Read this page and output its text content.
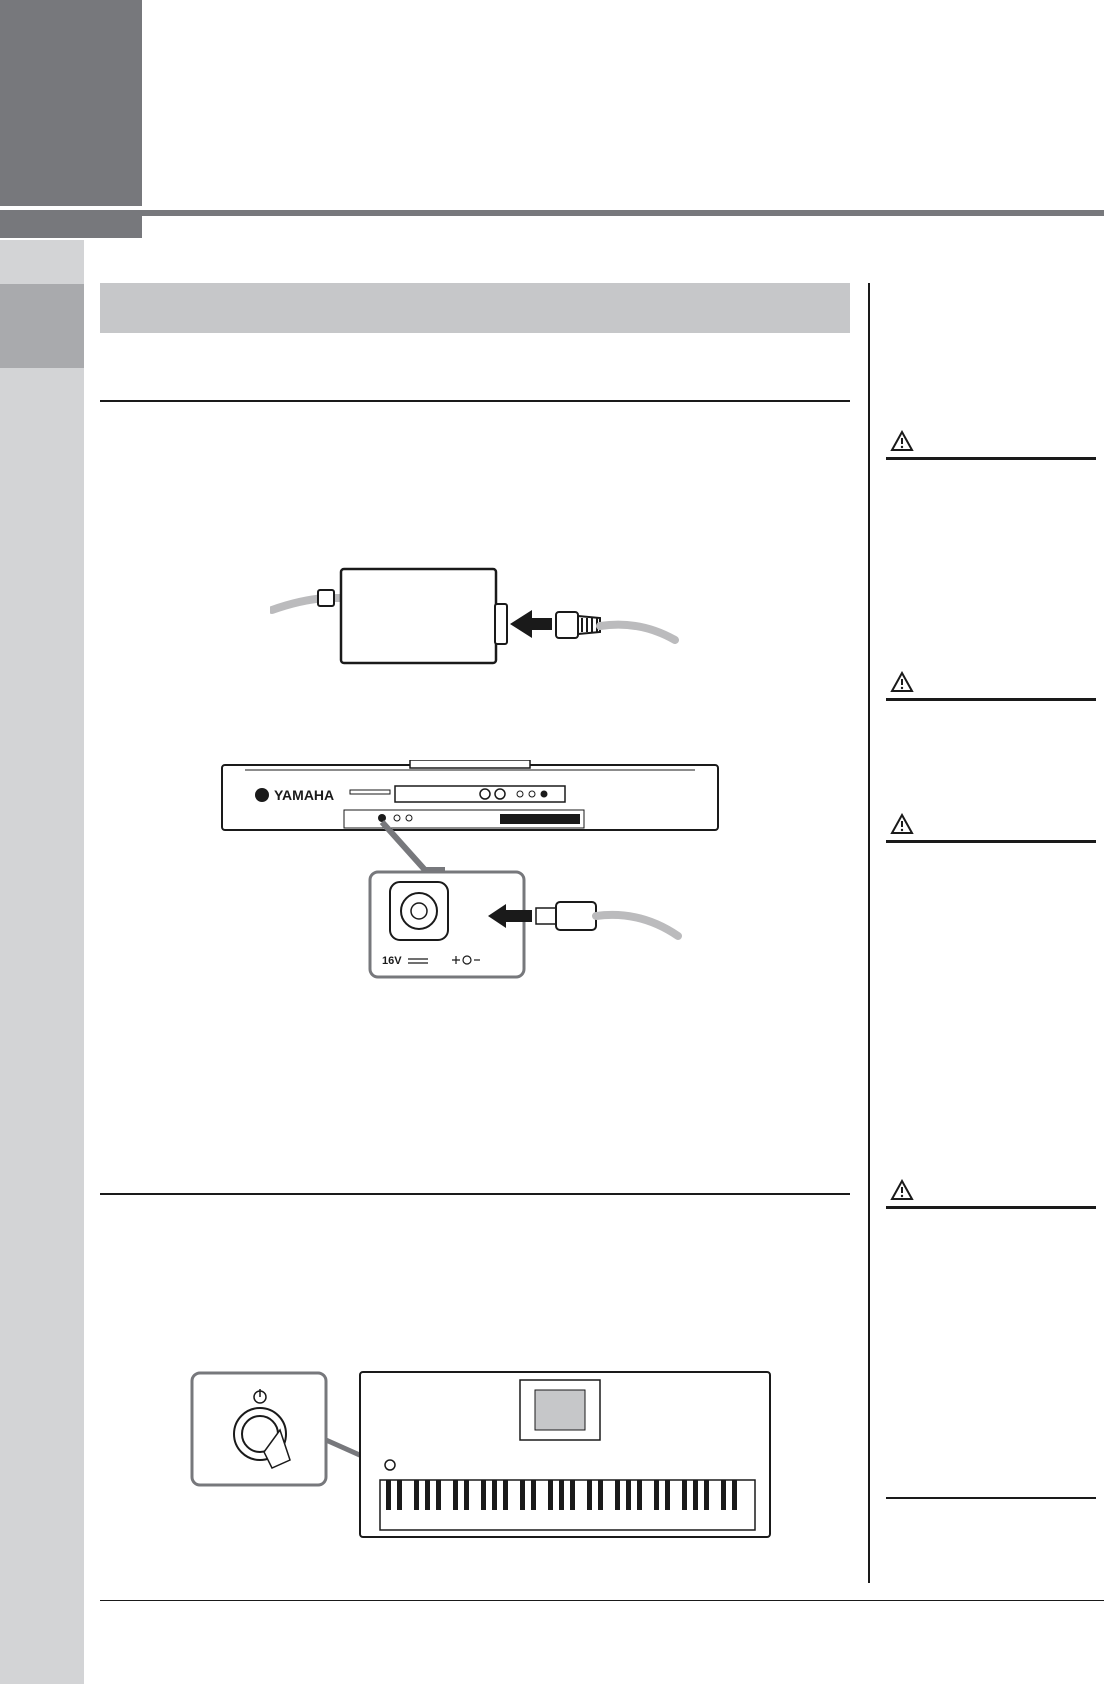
YAMAHA
16V
